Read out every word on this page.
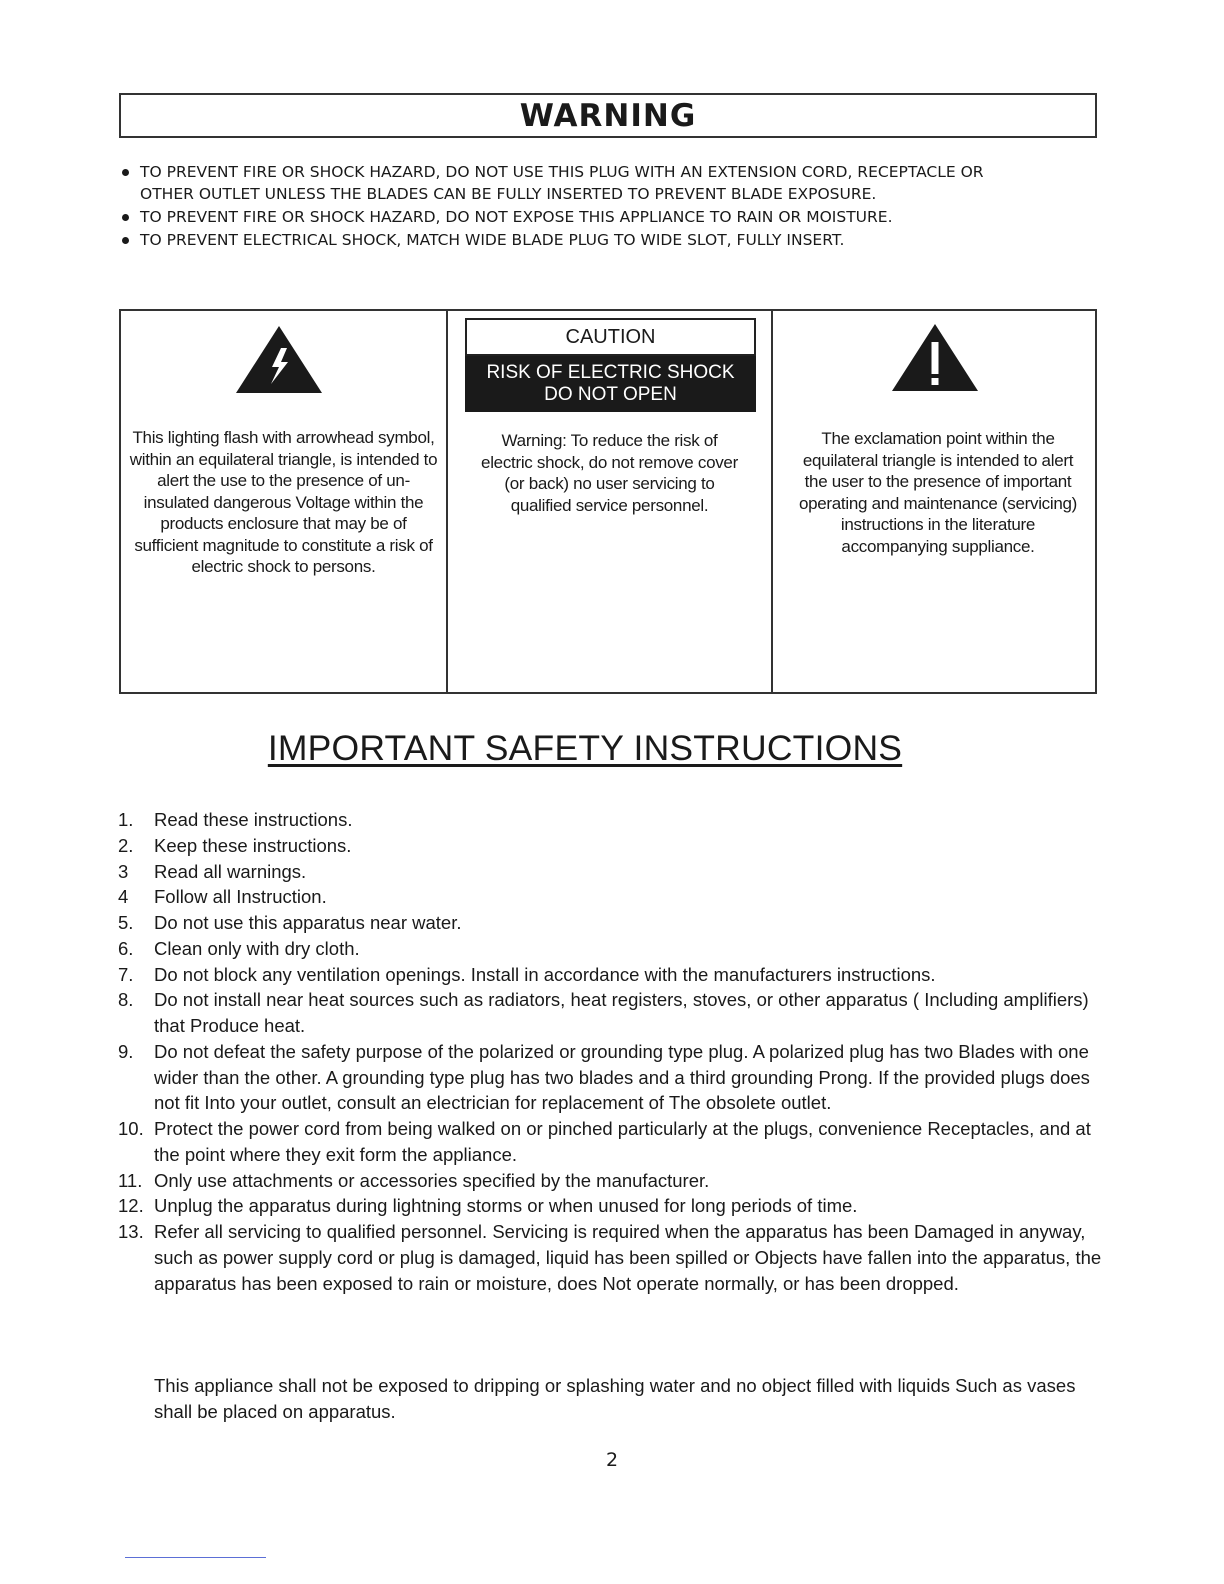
WARNING
TO PREVENT FIRE OR SHOCK HAZARD, DO NOT USE THIS PLUG WITH AN EXTENSION CORD, RECEPTACLE OR OTHER OUTLET UNLESS THE BLADES CAN BE FULLY INSERTED TO PREVENT BLADE EXPOSURE.
TO PREVENT FIRE OR SHOCK HAZARD, DO NOT EXPOSE THIS APPLIANCE TO RAIN OR MOISTURE.
TO PREVENT ELECTRICAL SHOCK, MATCH WIDE BLADE PLUG TO WIDE SLOT, FULLY INSERT.
This lighting flash with arrowhead symbol, within an equilateral triangle, is intended to alert the use to the presence of un-insulated dangerous Voltage within the products enclosure that may be of sufficient magnitude to constitute a risk of electric shock to persons.
CAUTION
RISK OF ELECTRIC SHOCK
DO NOT OPEN
Warning: To reduce the risk of electric shock, do not remove cover (or back) no user servicing to qualified service personnel.
The exclamation point within the equilateral triangle is intended to alert the user to the presence of important operating and maintenance (servicing) instructions in the literature accompanying suppliance.
IMPORTANT SAFETY INSTRUCTIONS
1. Read these instructions.
2. Keep these instructions.
3 Read all warnings.
4 Follow all Instruction.
5. Do not use this apparatus near water.
6. Clean only with dry cloth.
7. Do not block any ventilation openings. Install in accordance with the manufacturers instructions.
8. Do not install near heat sources such as radiators, heat registers, stoves, or other apparatus ( Including amplifiers) that Produce heat.
9. Do not defeat the safety purpose of the polarized or grounding type plug. A polarized plug has two Blades with one wider than the other. A grounding type plug has two blades and a third grounding Prong. If the provided plugs does not fit Into your outlet, consult an electrician for replacement of The obsolete outlet.
10. Protect the power cord from being walked on or pinched particularly at the plugs, convenience Receptacles, and at the point where they exit form the appliance.
11. Only use attachments or accessories specified by the manufacturer.
12. Unplug the apparatus during lightning storms or when unused for long periods of time.
13. Refer all servicing to qualified personnel. Servicing is required when the apparatus has been Damaged in anyway, such as power supply cord or plug is damaged, liquid has been spilled or Objects have fallen into the apparatus, the apparatus has been exposed to rain or moisture, does Not operate normally, or has been dropped.
This appliance shall not be exposed to dripping or splashing water and no object filled with liquids Such as vases shall be placed on apparatus.
2
